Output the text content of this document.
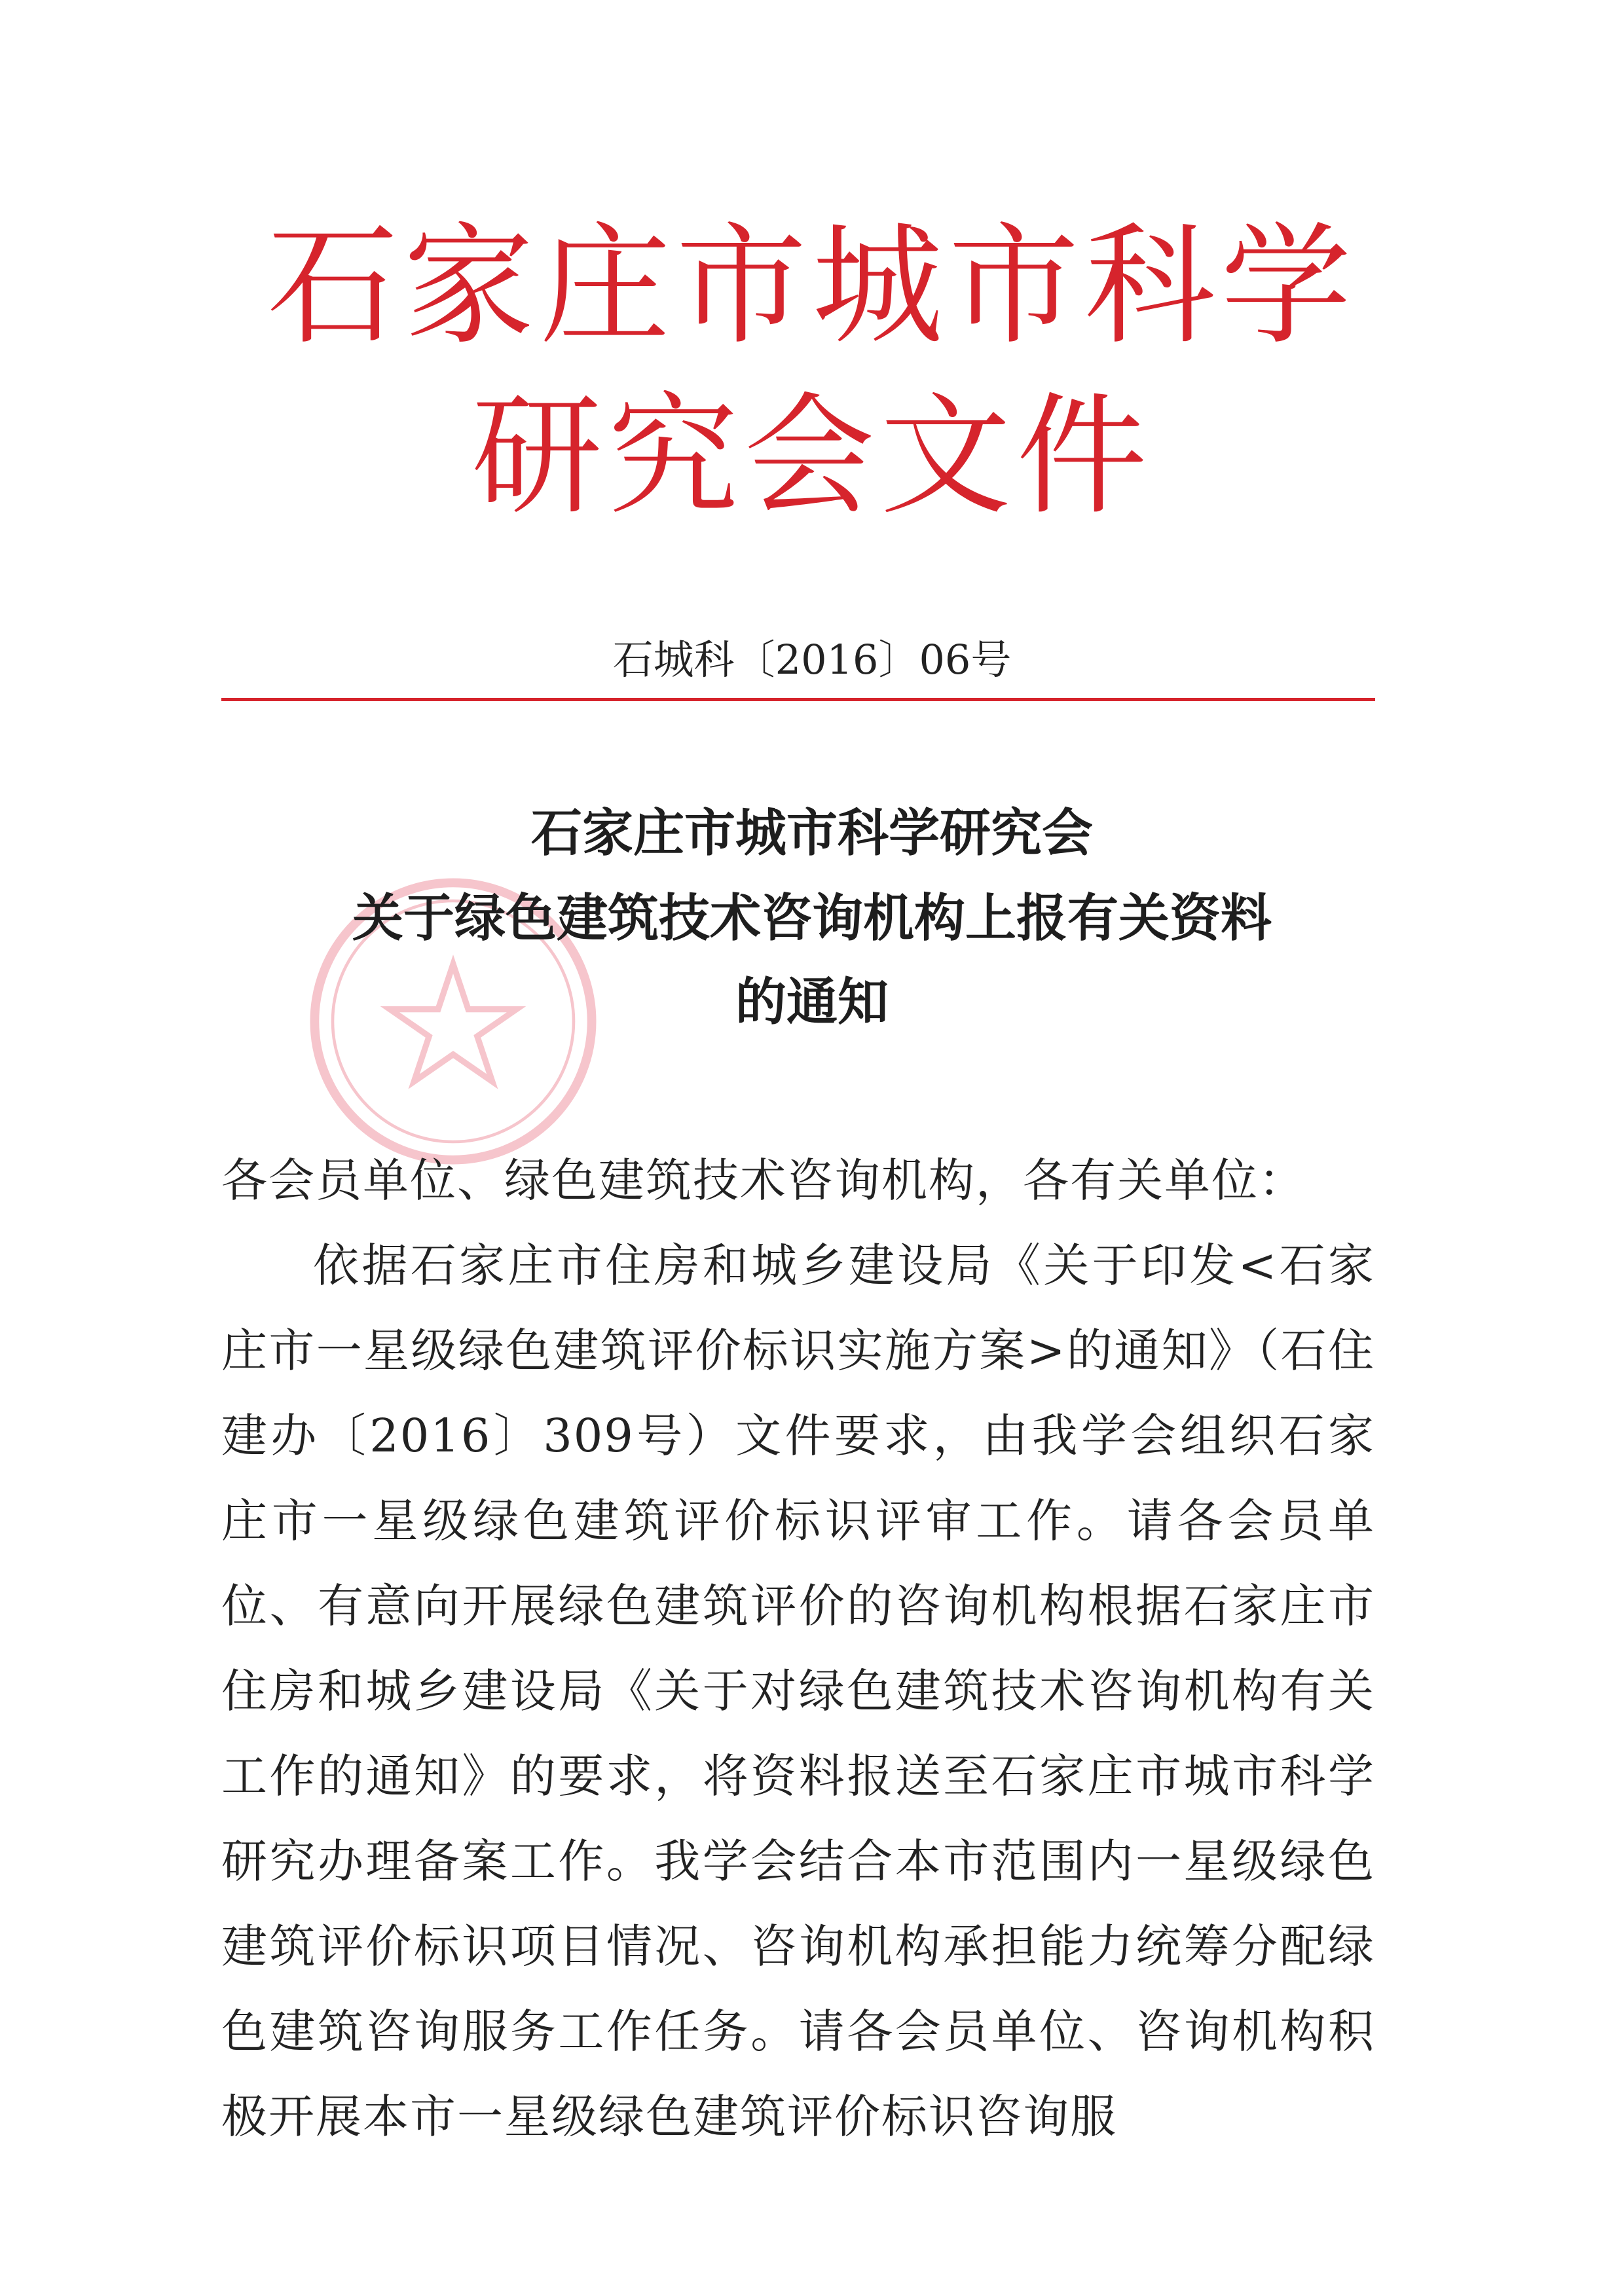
石家庄市城市科学
研究会文件
石城科〔2016〕06号
石家庄市城市科学研究会
关于绿色建筑技术咨询机构上报有关资料
的通知
各会员单位、绿色建筑技术咨询机构，各有关单位：
依据石家庄市住房和城乡建设局《关于印发<石家庄市一星级绿色建筑评价标识实施方案>的通知》（石住建办〔2016〕309号）文件要求，由我学会组织石家庄市一星级绿色建筑评价标识评审工作。请各会员单位、有意向开展绿色建筑评价的咨询机构根据石家庄市住房和城乡建设局《关于对绿色建筑技术咨询机构有关工作的通知》的要求，将资料报送至石家庄市城市科学研究办理备案工作。我学会结合本市范围内一星级绿色建筑评价标识项目情况、咨询机构承担能力统筹分配绿色建筑咨询服务工作任务。请各会员单位、咨询机构积极开展本市一星级绿色建筑评价标识咨询服
